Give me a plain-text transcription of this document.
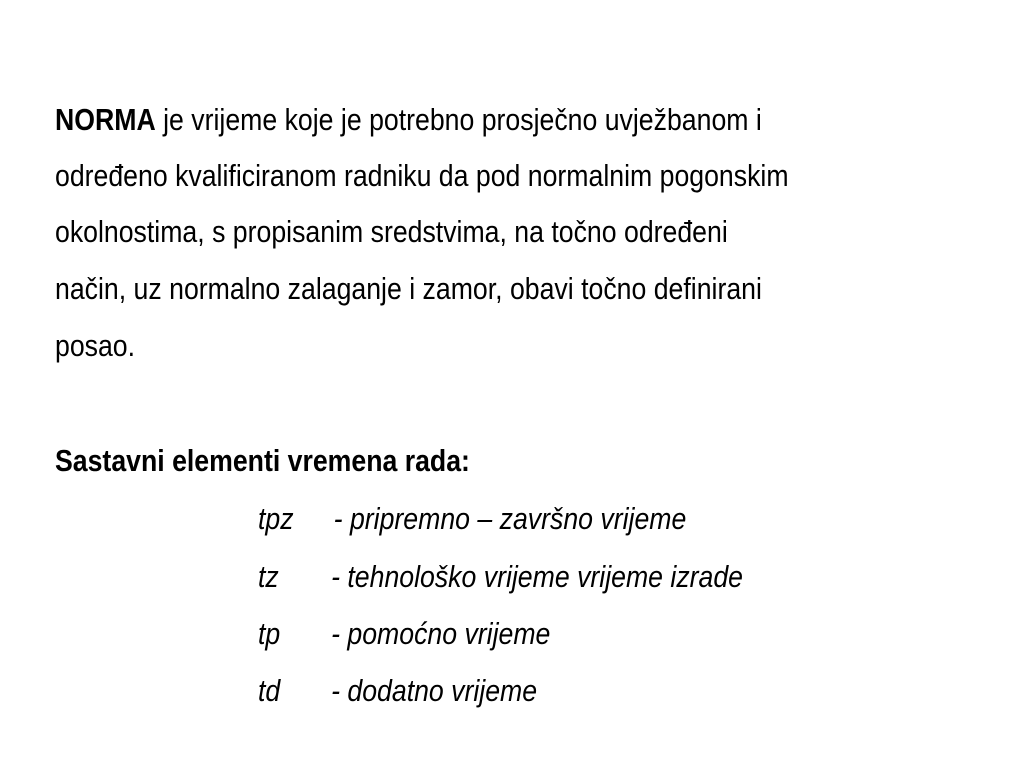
NORMA je vrijeme koje je potrebno prosječno uvježbanom i
određeno kvalificiranom radniku da pod normalnim pogonskim
okolnostima, s propisanim sredstvima, na točno određeni
način, uz normalno zalaganje i zamor, obavi točno definirani
posao.
Sastavni elementi vremena rada:
tpz - pripremno – završno vrijeme
tz - tehnološko vrijeme vrijeme izrade
tp - pomoćno vrijeme
td - dodatno vrijeme
